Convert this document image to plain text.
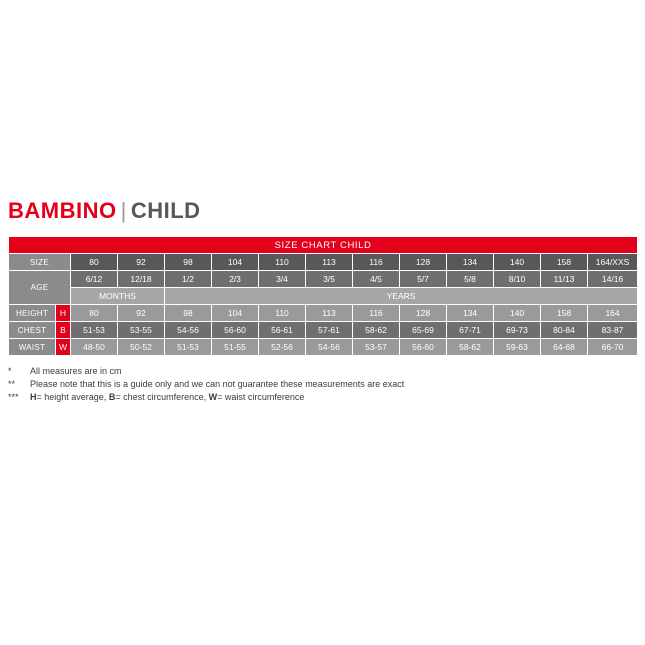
BAMBINO | CHILD
SIZE CHART CHILD													
SIZE		80	92	98	104	110	113	116	128	134	140	158	164/XXS
AGE		6/12	12/18	1/2	2/3	3/4	3/5	4/5	5/7	5/8	8/10	11/13	14/16
		MONTHS		YEARS									
HEIGHT	H	80	92	98	104	110	113	116	128	134	140	158	164
CHEST	B	51-53	53-55	54-56	56-60	56-61	57-61	58-62	65-69	67-71	69-73	80-84	83-87
WAIST	W	48-50	50-52	51-53	51-55	52-56	54-56	53-57	56-60	58-62	59-63	64-68	66-70
*	All measures are in cm
**	Please note that this is a guide only and we can not guarantee these measurements are exact
***	H= height average, B= chest circumference, W= waist circumference
